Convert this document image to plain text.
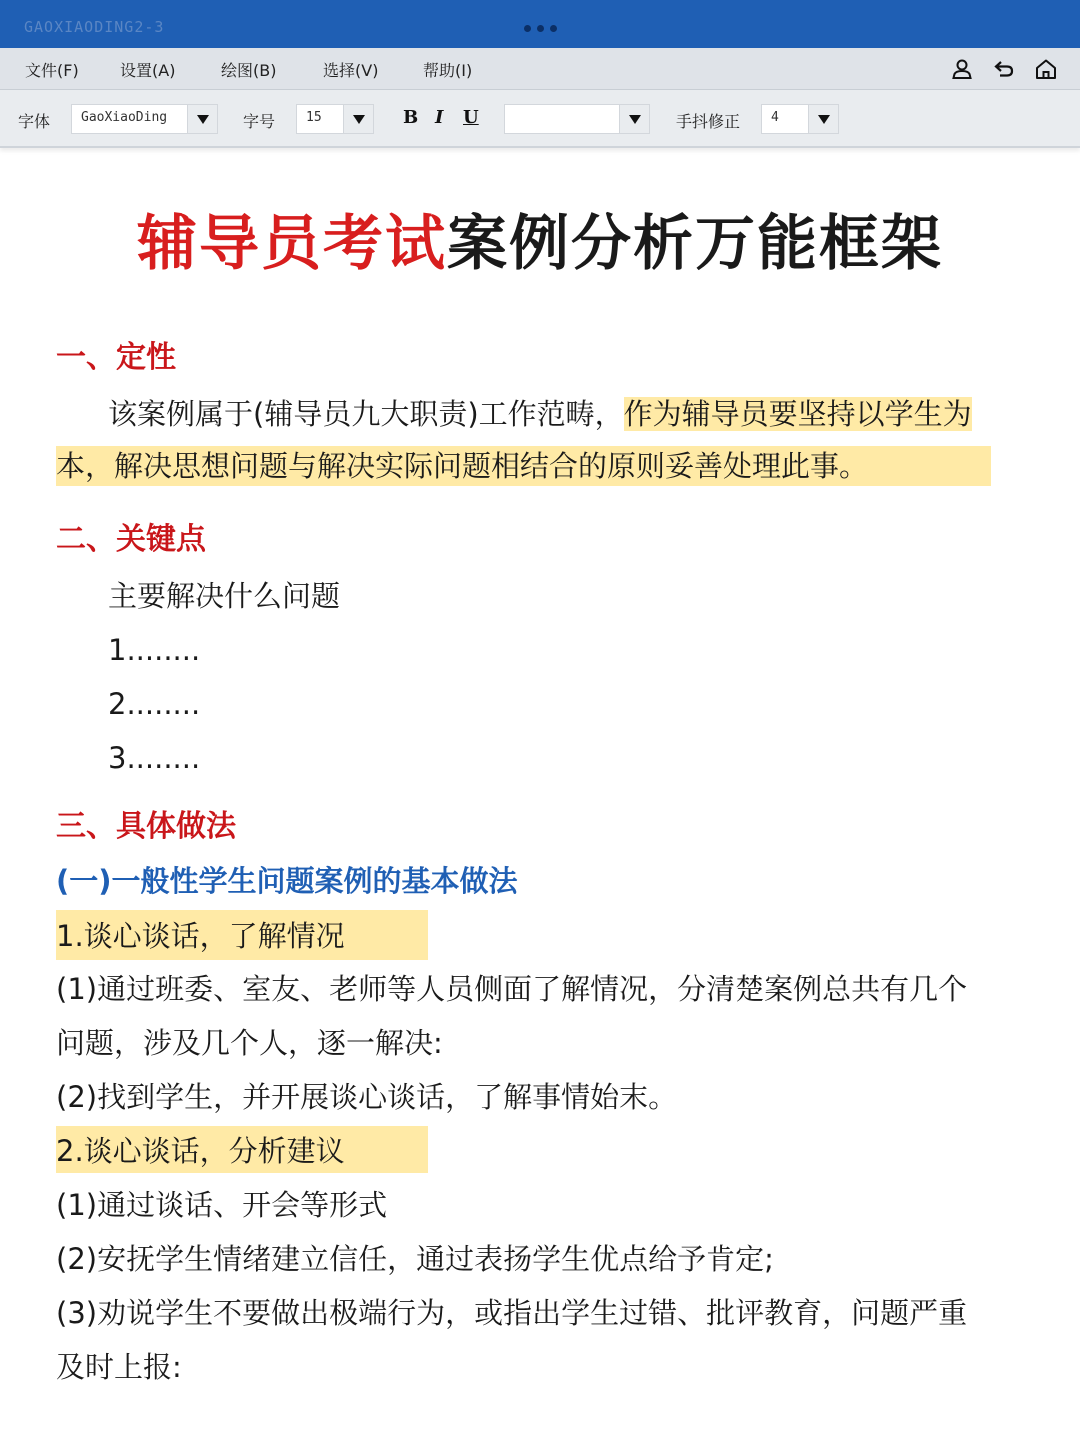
GAOXIAODING2-3
文件(F)	设置(A)	绘图(B)	选择(V)	帮助(I)
字体 GaoXiaoDing	字号 15	B I U	手抖修正 4
辅导员考试案例分析万能框架
一、定性
该案例属于(辅导员九大职责)工作范畴，作为辅导员要坚持以学生为
本，解决思想问题与解决实际问题相结合的原则妥善处理此事。
二、关键点
主要解决什么问题
1........
2........
3........
三、具体做法
(一)一般性学生问题案例的基本做法
1.谈心谈话，了解情况
(1)通过班委、室友、老师等人员侧面了解情况，分清楚案例总共有几个
问题，涉及几个人，逐一解决:
(2)找到学生，并开展谈心谈话，了解事情始末。
2.谈心谈话，分析建议
(1)通过谈话、开会等形式
(2)安抚学生情绪建立信任，通过表扬学生优点给予肯定;
(3)劝说学生不要做出极端行为，或指出学生过错、批评教育，问题严重
及时上报:
